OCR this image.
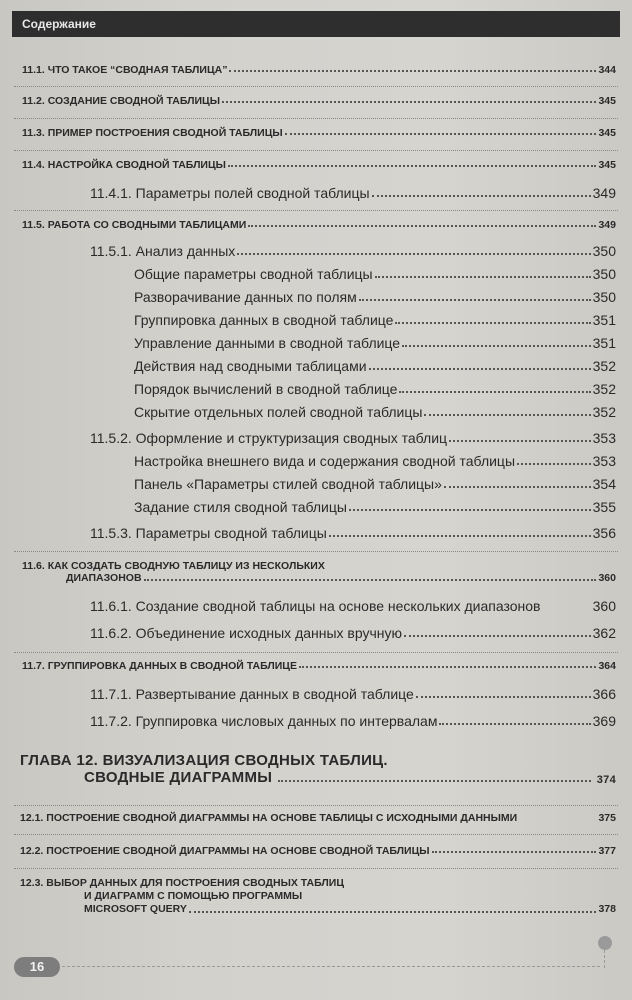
Содержание
11.1. ЧТО ТАКОЕ “СВОДНАЯ ТАБЛИЦА”	344
11.2. СОЗДАНИЕ СВОДНОЙ ТАБЛИЦЫ	345
11.3. ПРИМЕР ПОСТРОЕНИЯ СВОДНОЙ ТАБЛИЦЫ	345
11.4. НАСТРОЙКА СВОДНОЙ ТАБЛИЦЫ	345
11.4.1. Параметры полей сводной таблицы	349
11.5. РАБОТА СО СВОДНЫМИ ТАБЛИЦАМИ	349
11.5.1. Анализ данных	350
Общие параметры сводной таблицы	350
Разворачивание данных по полям	350
Группировка данных в сводной таблице	351
Управление данными в сводной таблице	351
Действия над сводными таблицами	352
Порядок вычислений в сводной таблице	352
Скрытие отдельных полей сводной таблицы	352
11.5.2. Оформление и структуризация сводных таблиц	353
Настройка внешнего вида и содержания сводной таблицы	353
Панель «Параметры стилей сводной таблицы»	354
Задание стиля сводной таблицы	355
11.5.3. Параметры сводной таблицы	356
11.6. КАК СОЗДАТЬ СВОДНУЮ ТАБЛИЦУ ИЗ НЕСКОЛЬКИХ
ДИАПАЗОНОВ	360
11.6.1. Создание сводной таблицы на основе нескольких диапазонов	360
11.6.2. Объединение исходных данных вручную	362
11.7. ГРУППИРОВКА ДАННЫХ В СВОДНОЙ ТАБЛИЦЕ	364
11.7.1. Развертывание данных в сводной таблице	366
11.7.2. Группировка числовых данных по интервалам	369
ГЛАВА 12. ВИЗУАЛИЗАЦИЯ СВОДНЫХ ТАБЛИЦ.
СВОДНЫЕ ДИАГРАММЫ	374
12.1. ПОСТРОЕНИЕ СВОДНОЙ ДИАГРАММЫ НА ОСНОВЕ ТАБЛИЦЫ С ИСХОДНЫМИ ДАННЫМИ	375
12.2. ПОСТРОЕНИЕ СВОДНОЙ ДИАГРАММЫ НА ОСНОВЕ СВОДНОЙ ТАБЛИЦЫ	377
12.3. ВЫБОР ДАННЫХ ДЛЯ ПОСТРОЕНИЯ СВОДНЫХ ТАБЛИЦ
И ДИАГРАММ С ПОМОЩЬЮ ПРОГРАММЫ
MICROSOFT QUERY	378
16
